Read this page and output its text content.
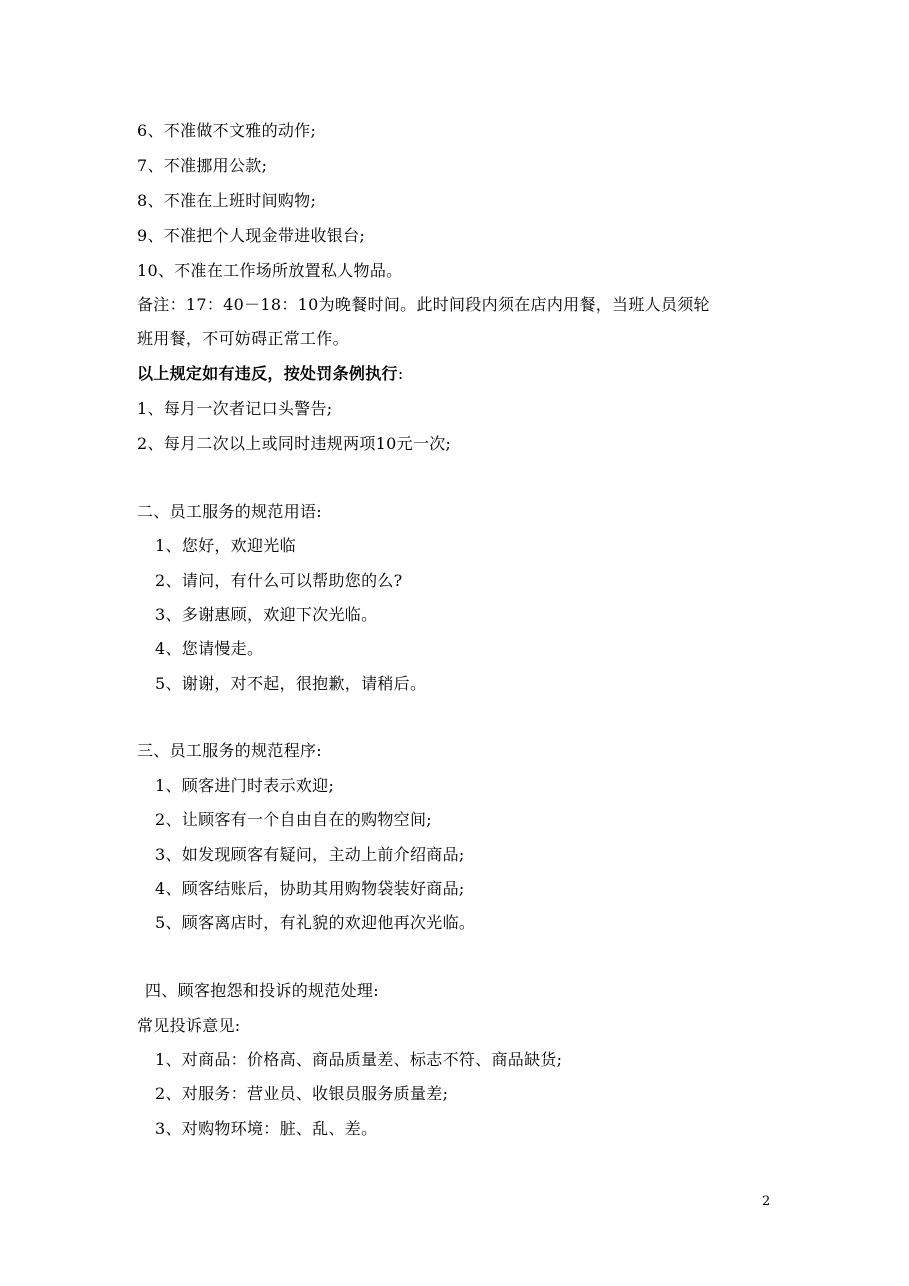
6、不准做不文雅的动作;
7、不准挪用公款;
8、不准在上班时间购物;
9、不准把个人现金带进收银台;
10、不准在工作场所放置私人物品。
备注：17：40－18：10为晚餐时间。此时间段内须在店内用餐，当班人员须轮
班用餐，不可妨碍正常工作。
以上规定如有违反，按处罚条例执行:
1、每月一次者记口头警告;
2、每月二次以上或同时违规两项10元一次;
二、员工服务的规范用语:
1、您好，欢迎光临
2、请问，有什么可以帮助您的么?
3、多谢惠顾，欢迎下次光临。
4、您请慢走。
5、谢谢，对不起，很抱歉，请稍后。
三、员工服务的规范程序:
1、顾客进门时表示欢迎;
2、让顾客有一个自由自在的购物空间;
3、如发现顾客有疑问，主动上前介绍商品;
4、顾客结账后，协助其用购物袋装好商品;
5、顾客离店时，有礼貌的欢迎他再次光临。
四、顾客抱怨和投诉的规范处理:
常见投诉意见:
1、对商品：价格高、商品质量差、标志不符、商品缺货;
2、对服务：营业员、收银员服务质量差;
3、对购物环境：脏、乱、差。
2
